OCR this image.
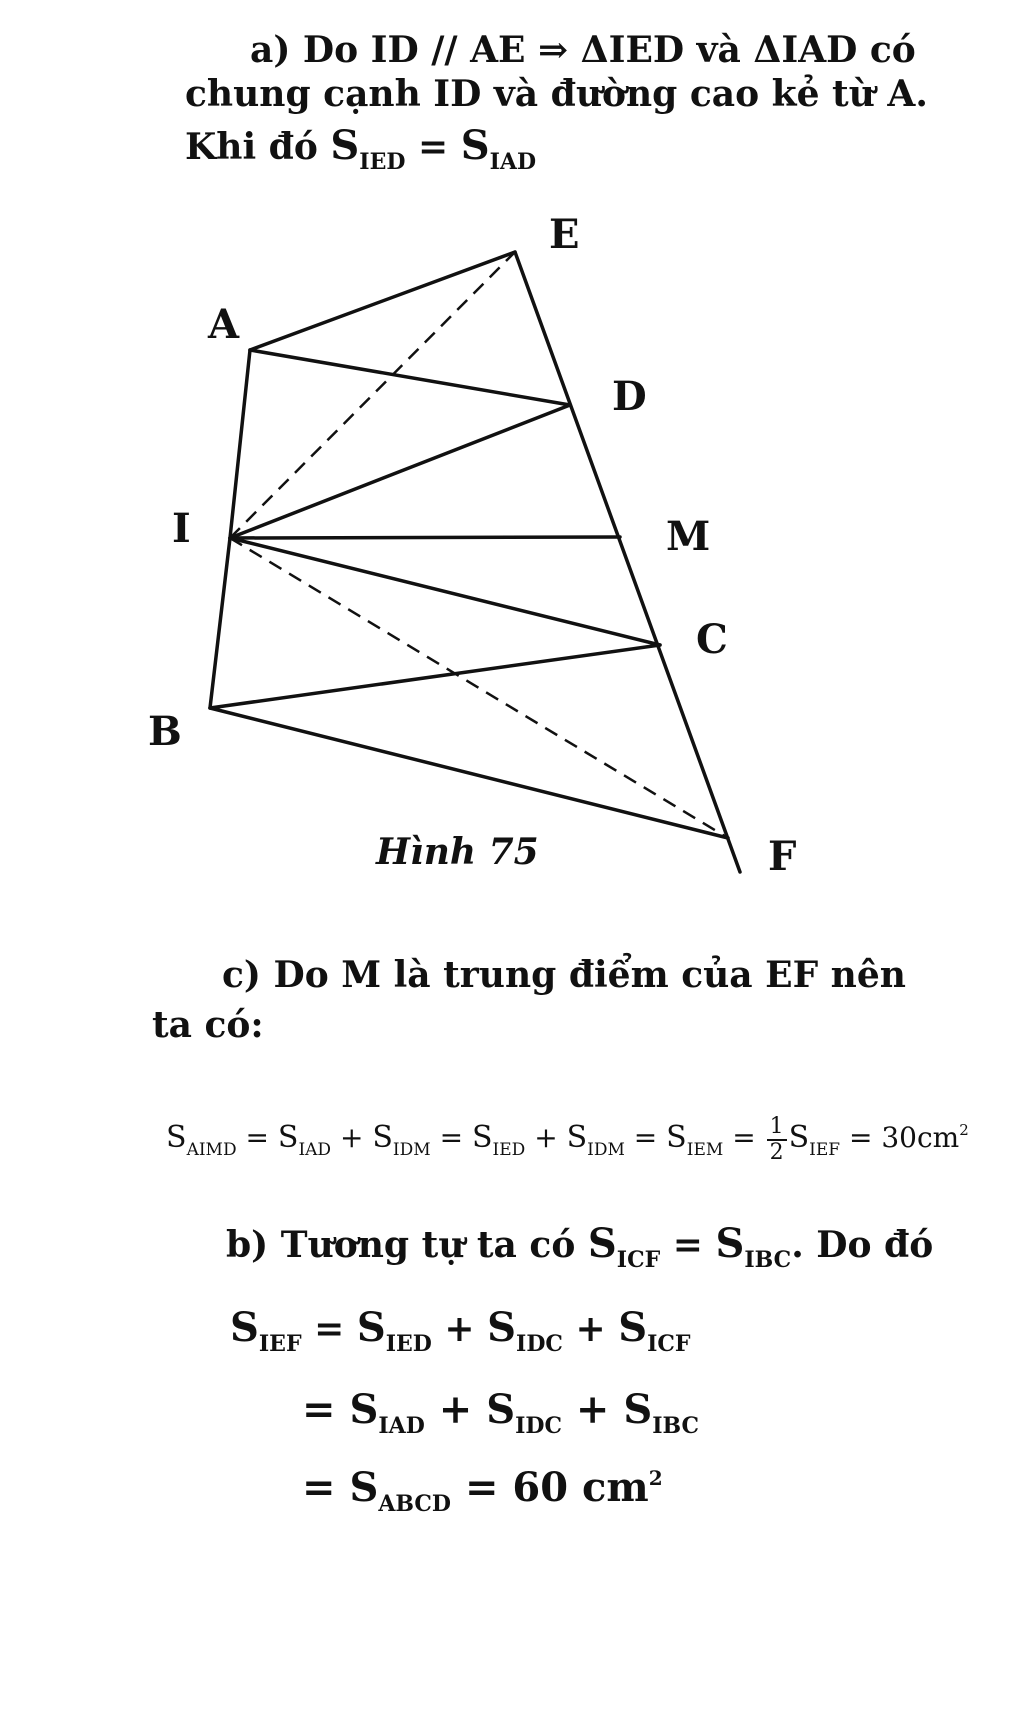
a) Do ID // AE ⇒ ΔIED và ΔIAD có
chung cạnh ID và đường cao kẻ từ A.
Khi đó $S_{IED} = S_{IAD}$
E
A
D
I	M
C
B
F
Hình 75
c) Do M là trung điểm của EF nên
ta có:
$S_{AIMD} = S_{IAD} + S_{IDM} = S_{IED} + S_{IDM} = S_{IEM} = \frac{1}{2} S_{IEF} = 30cm^2$
b) Tương tự ta có $S_{ICF} = S_{IBC}$. Do đó
$S_{IEF} = S_{IED} + S_{IDC} + S_{ICF}$
= $S_{IAD} + S_{IDC} + S_{IBC}$
= $S_{ABCD} = 60$ $cm^2$
